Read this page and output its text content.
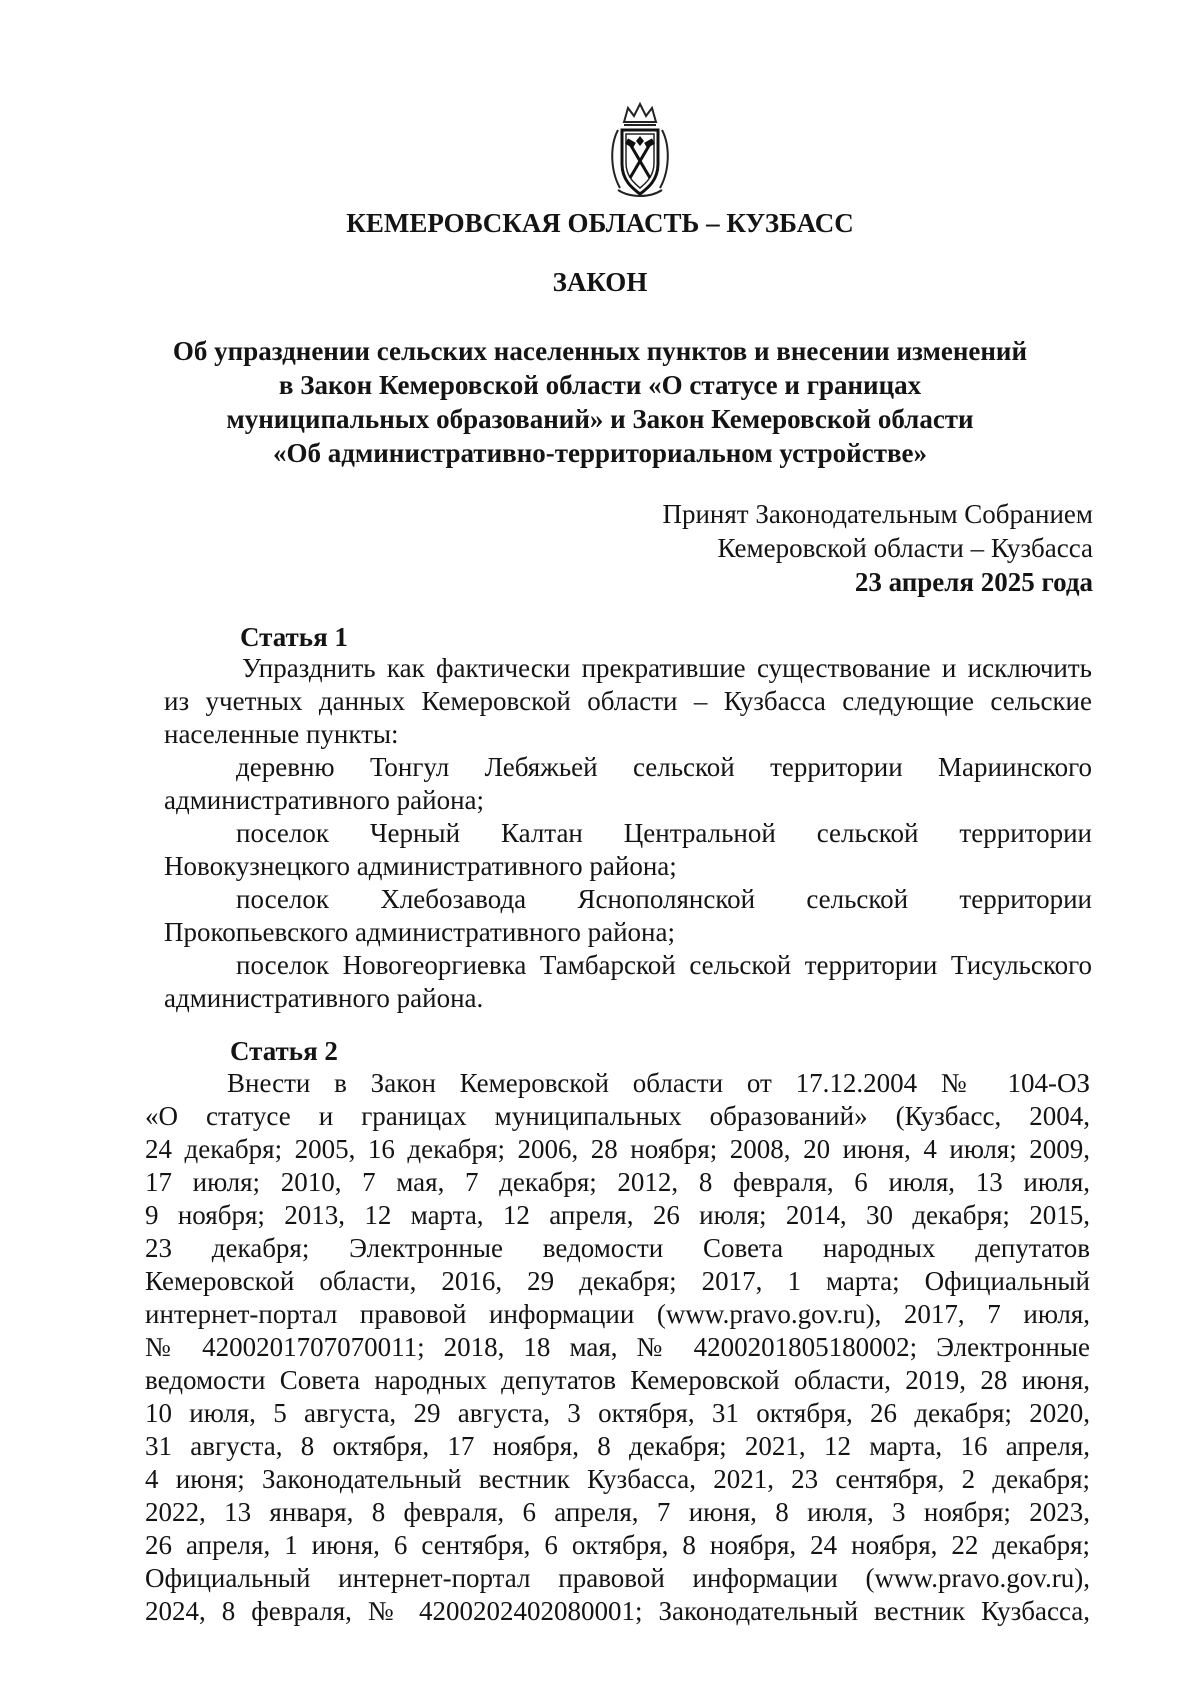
КЕМЕРОВСКАЯ ОБЛАСТЬ – КУЗБАСС
ЗАКОН
Об упразднении сельских населенных пунктов и внесении изменений
в Закон Кемеровской области «О статусе и границах
муниципальных образований» и Закон Кемеровской области
«Об административно-территориальном устройстве»
Принят Законодательным Собранием
Кемеровской области – Кузбасса
23 апреля 2025 года
Статья 1
Упразднить как фактически прекратившие существование и исключить
из учетных данных Кемеровской области – Кузбасса следующие сельские
населенные пункты:
деревню Тонгул Лебяжьей сельской территории Мариинского
административного района;
поселок Черный Калтан Центральной сельской территории
Новокузнецкого административного района;
поселок Хлебозавода Яснополянской сельской территории
Прокопьевского административного района;
поселок Новогеоргиевка Тамбарской сельской территории Тисульского
административного района.
Статья 2
Внести в Закон Кемеровской области от 17.12.2004 № 104-ОЗ
«О статусе и границах муниципальных образований» (Кузбасс, 2004,
24 декабря; 2005, 16 декабря; 2006, 28 ноября; 2008, 20 июня, 4 июля; 2009,
17 июля; 2010, 7 мая, 7 декабря; 2012, 8 февраля, 6 июля, 13 июля,
9 ноября; 2013, 12 марта, 12 апреля, 26 июля; 2014, 30 декабря; 2015,
23 декабря; Электронные ведомости Совета народных депутатов
Кемеровской области, 2016, 29 декабря; 2017, 1 марта; Официальный
интернет-портал правовой информации (www.pravo.gov.ru), 2017, 7 июля,
№ 4200201707070011; 2018, 18 мая, № 4200201805180002; Электронные
ведомости Совета народных депутатов Кемеровской области, 2019, 28 июня,
10 июля, 5 августа, 29 августа, 3 октября, 31 октября, 26 декабря; 2020,
31 августа, 8 октября, 17 ноября, 8 декабря; 2021, 12 марта, 16 апреля,
4 июня; Законодательный вестник Кузбасса, 2021, 23 сентября, 2 декабря;
2022, 13 января, 8 февраля, 6 апреля, 7 июня, 8 июля, 3 ноября; 2023,
26 апреля, 1 июня, 6 сентября, 6 октября, 8 ноября, 24 ноября, 22 декабря;
Официальный интернет-портал правовой информации (www.pravo.gov.ru),
2024, 8 февраля, № 4200202402080001; Законодательный вестник Кузбасса,
